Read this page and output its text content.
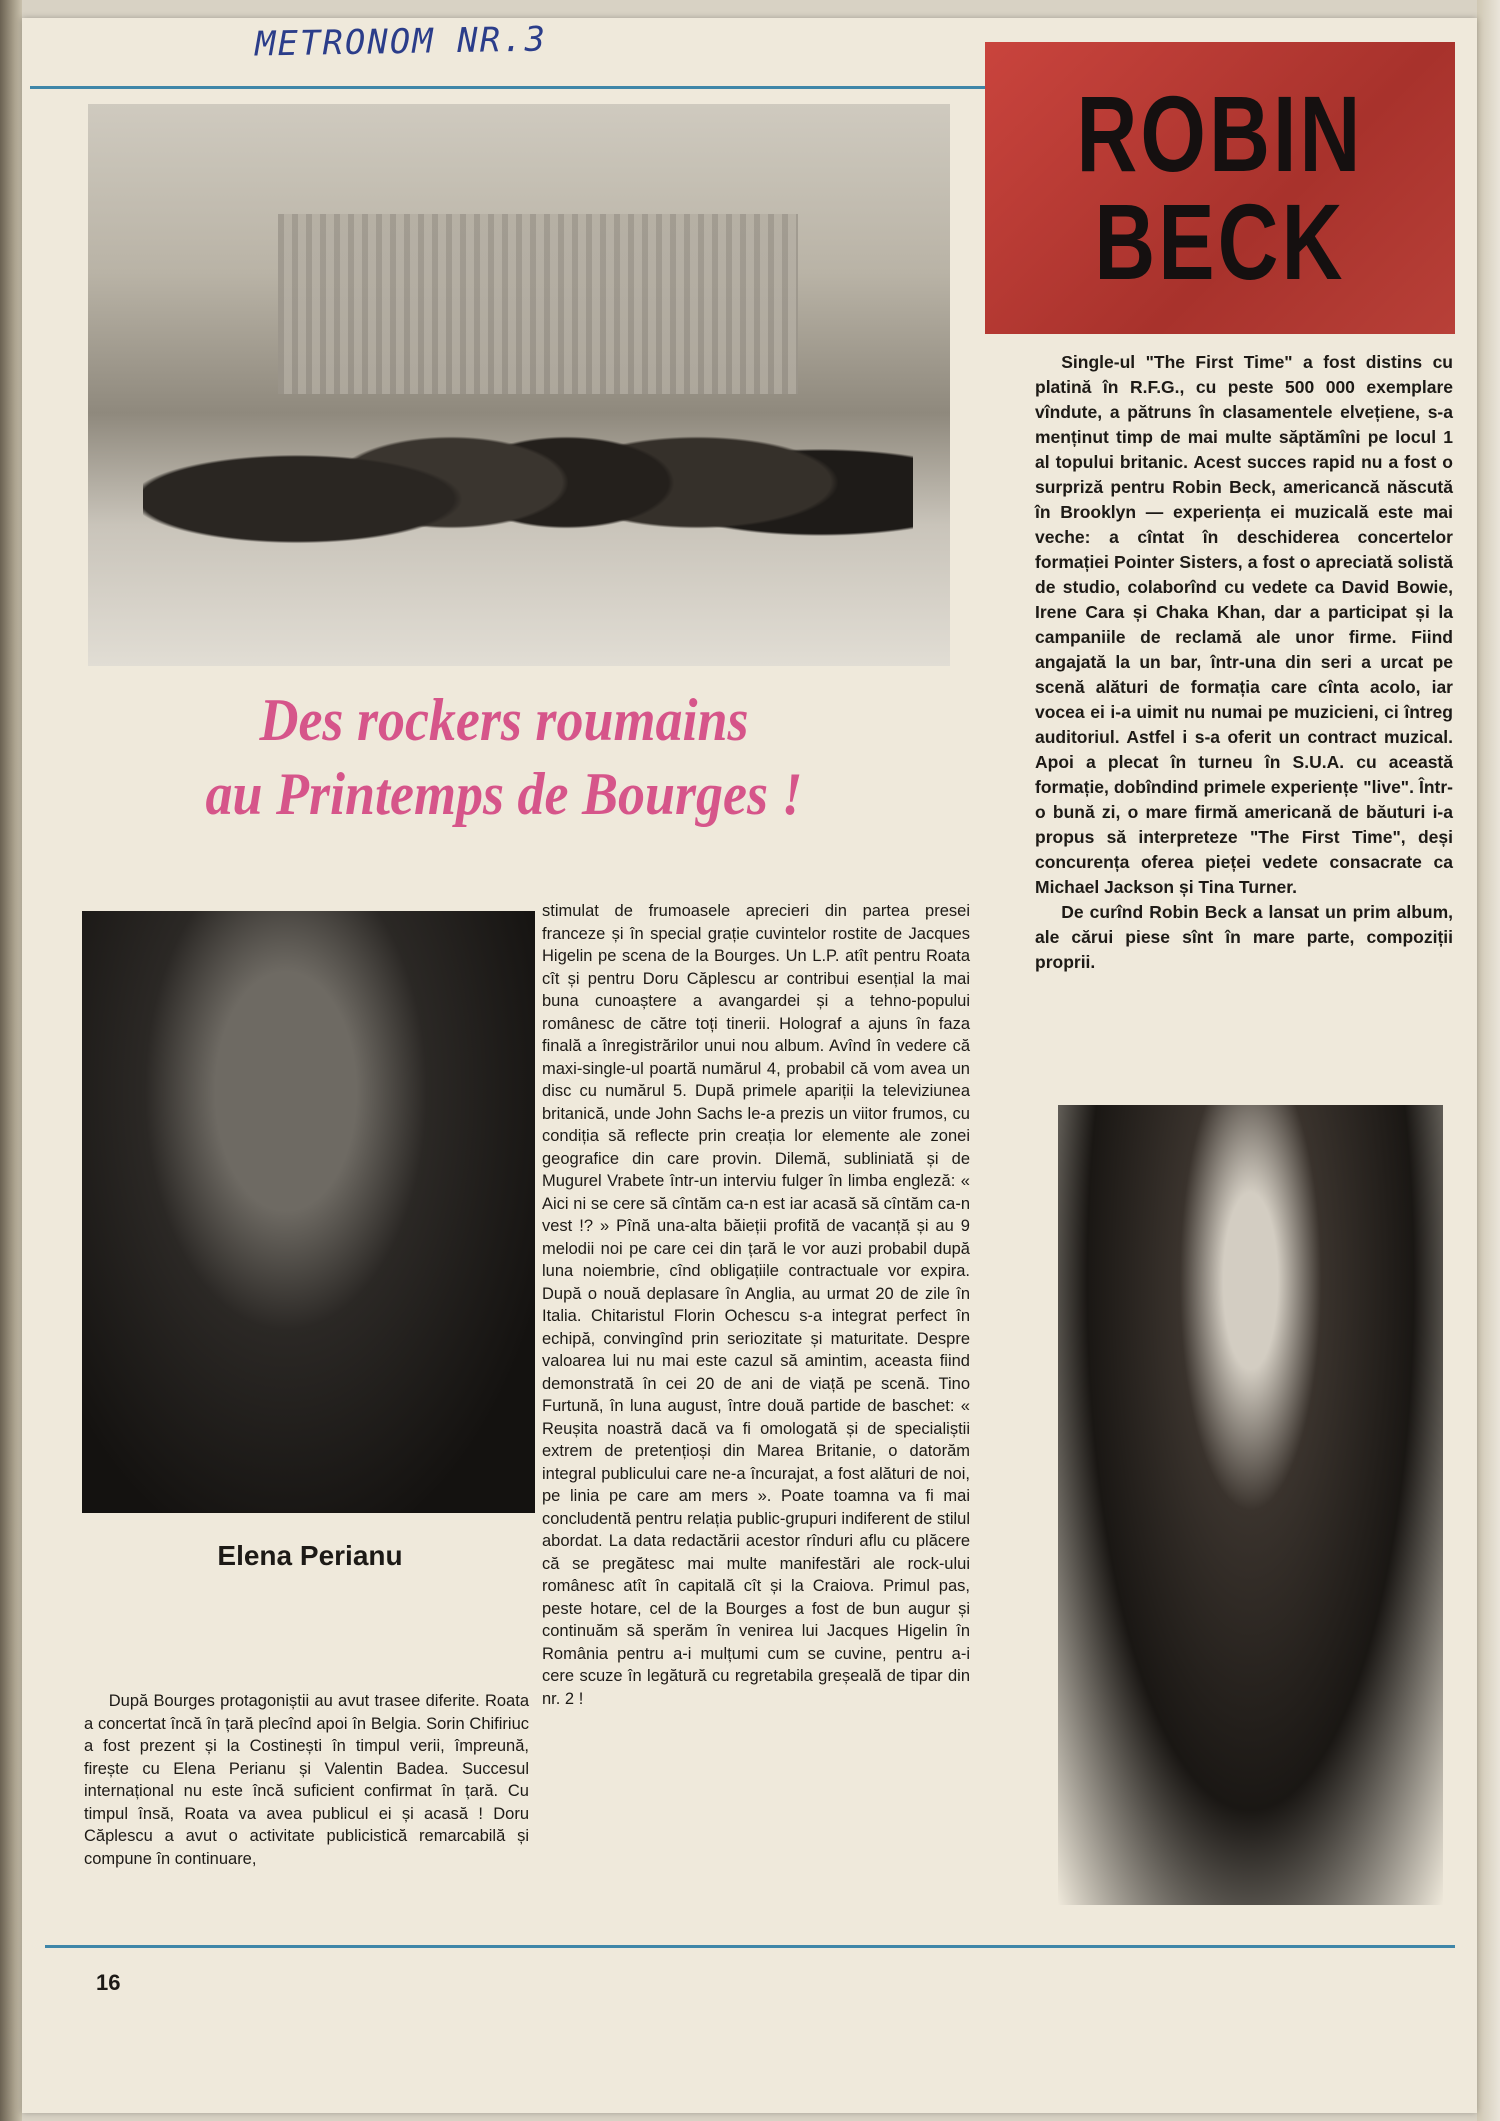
METRONOM NR.3
ROBIN
BECK

Single-ul "The First Time" a fost distins cu platină în R.F.G., cu peste 500 000 exemplare vîndute, a pătruns în clasamentele elvețiene, s-a menținut timp de mai multe săptămîni pe locul 1 al topului britanic. Acest succes rapid nu a fost o surpriză pentru Robin Beck, americancă născută în Brooklyn — experiența ei muzicală este mai veche: a cîntat în deschiderea concertelor formației Pointer Sisters, a fost o apreciată solistă de studio, colaborînd cu vedete ca David Bowie, Irene Cara și Chaka Khan, dar a participat și la campaniile de reclamă ale unor firme. Fiind angajată la un bar, într-una din seri a urcat pe scenă alături de formația care cînta acolo, iar vocea ei i-a uimit nu numai pe muzicieni, ci întreg auditoriul. Astfel i s-a oferit un contract muzical. Apoi a plecat în turneu în S.U.A. cu această formație, dobîndind primele experiențe "live". Într-o bună zi, o mare firmă americană de băuturi i-a propus să interpreteze "The First Time", deși concurența oferea pieței vedete consacrate ca Michael Jackson și Tina Turner.

De curînd Robin Beck a lansat un prim album, ale cărui piese sînt în mare parte, compoziții proprii.

Des rockers roumains
au Printemps de Bourges !
Elena Perianu

stimulat de frumoasele aprecieri din partea presei franceze și în special grație cuvintelor rostite de Jacques Higelin pe scena de la Bourges. Un L.P. atît pentru Roata cît și pentru Doru Căplescu ar contribui esențial la mai buna cunoaștere a avangardei și a tehno-popului românesc de către toți tinerii. Holograf a ajuns în faza finală a înregistrărilor unui nou album. Avînd în vedere că maxi-single-ul poartă numărul 4, probabil că vom avea un disc cu numărul 5. După primele apariții la televiziunea britanică, unde John Sachs le-a prezis un viitor frumos, cu condiția să reflecte prin creația lor elemente ale zonei geografice din care provin. Dilemă, subliniată și de Mugurel Vrabete într-un interviu fulger în limba engleză: « Aici ni se cere să cîntăm ca-n est iar acasă să cîntăm ca-n vest !? » Pînă una-alta băieții profită de vacanță și au 9 melodii noi pe care cei din țară le vor auzi probabil după luna noiembrie, cînd obligațiile contractuale vor expira. După o nouă deplasare în Anglia, au urmat 20 de zile în Italia. Chitaristul Florin Ochescu s-a integrat perfect în echipă, convingînd prin seriozitate și maturitate. Despre valoarea lui nu mai este cazul să amintim, aceasta fiind demonstrată în cei 20 de ani de viață pe scenă. Tino Furtună, în luna august, între două partide de baschet: « Reușita noastră dacă va fi omologată și de specialiștii extrem de pretențioși din Marea Britanie, o datorăm integral publicului care ne-a încurajat, a fost alături de noi, pe linia pe care am mers ». Poate toamna va fi mai concludentă pentru relația public-grupuri indiferent de stilul abordat. La data redactării acestor rînduri aflu cu plăcere că se pregătesc mai multe manifestări ale rock-ului românesc atît în capitală cît și la Craiova. Primul pas, peste hotare, cel de la Bourges a fost de bun augur și continuăm să sperăm în venirea lui Jacques Higelin în România pentru a-i mulțumi cum se cuvine, pentru a-i cere scuze în legătură cu regretabila greșeală de tipar din nr. 2 !

După Bourges protagoniștii au avut trasee diferite. Roata a concertat încă în țară plecînd apoi în Belgia. Sorin Chifiriuc a fost prezent și la Costinești în timpul verii, împreună, firește cu Elena Perianu și Valentin Badea. Succesul internațional nu este încă suficient confirmat în țară. Cu timpul însă, Roata va avea publicul ei și acasă ! Doru Căplescu a avut o activitate publicistică remarcabilă și compune în continuare,

16
